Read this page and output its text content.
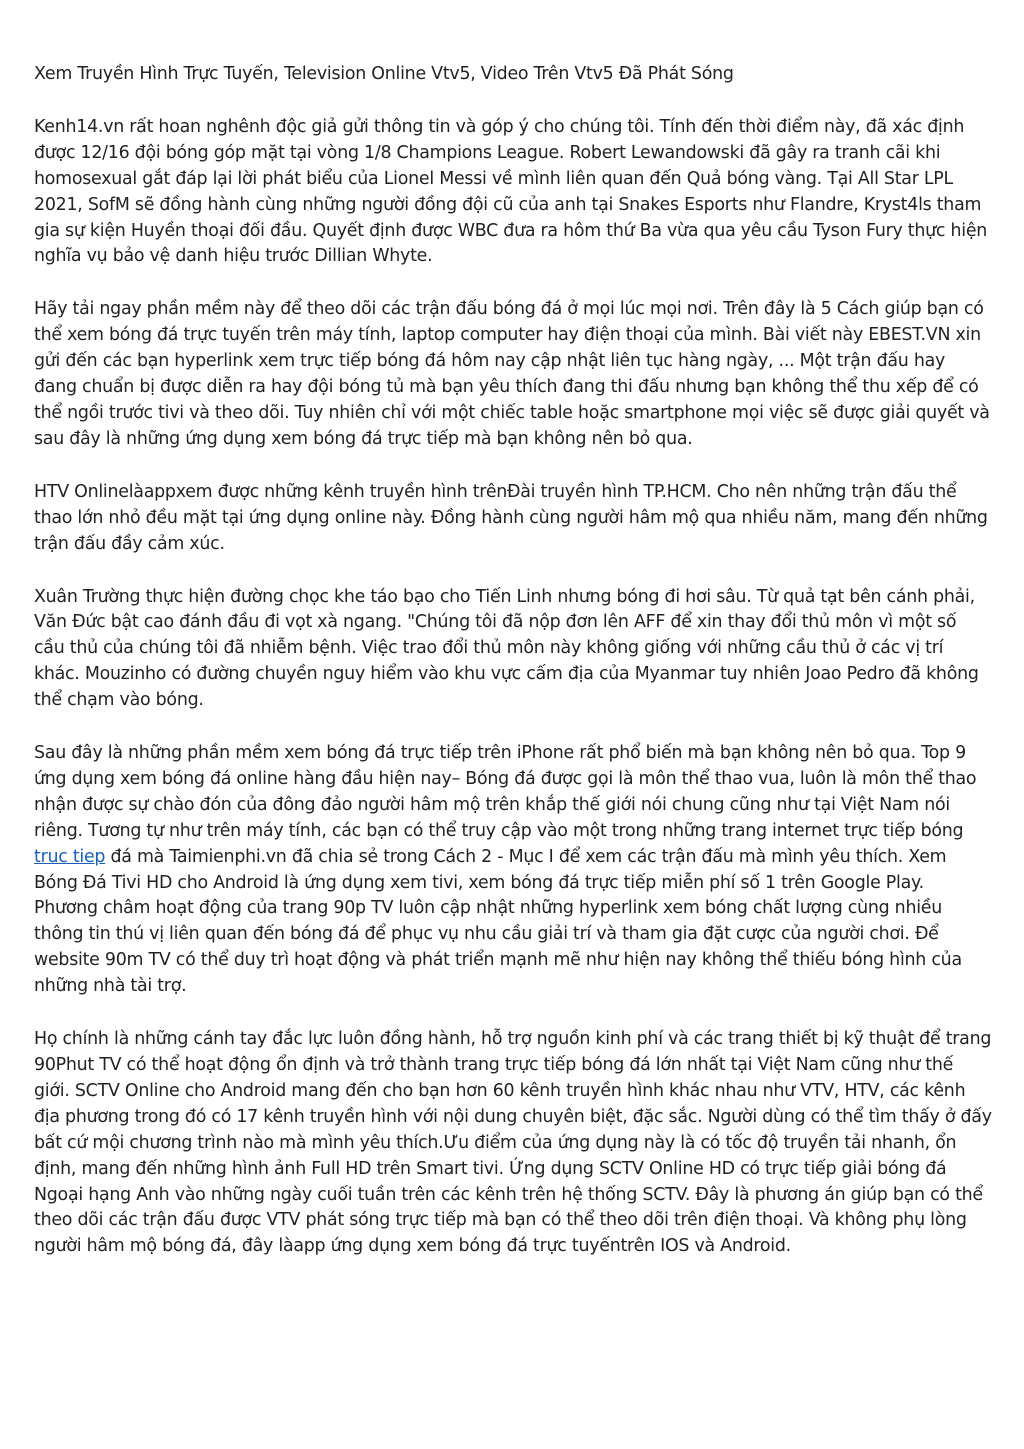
Xem Truyền Hình Trực Tuyến, Television Online Vtv5, Video Trên Vtv5 Đã Phát Sóng

Kenh14.vn rất hoan nghênh độc giả gửi thông tin và góp ý cho chúng tôi. Tính đến thời điểm này, đã xác định được 12/16 đội bóng góp mặt tại vòng 1/8 Champions League. Robert Lewandowski đã gây ra tranh cãi khi homosexual gắt đáp lại lời phát biểu của Lionel Messi về mình liên quan đến Quả bóng vàng. Tại All Star LPL 2021, SofM sẽ đồng hành cùng những người đồng đội cũ của anh tại Snakes Esports như Flandre, Kryst4ls tham gia sự kiện Huyền thoại đối đầu. Quyết định được WBC đưa ra hôm thứ Ba vừa qua yêu cầu Tyson Fury thực hiện nghĩa vụ bảo vệ danh hiệu trước Dillian Whyte.

Hãy tải ngay phần mềm này để theo dõi các trận đấu bóng đá ở mọi lúc mọi nơi. Trên đây là 5 Cách giúp bạn có thể xem bóng đá trực tuyến trên máy tính, laptop computer hay điện thoại của mình. Bài viết này EBEST.VN xin gửi đến các bạn hyperlink xem trực tiếp bóng đá hôm nay cập nhật liên tục hàng ngày, ... Một trận đấu hay đang chuẩn bị được diễn ra hay đội bóng tủ mà bạn yêu thích đang thi đấu nhưng bạn không thể thu xếp để có thể ngồi trước tivi và theo dõi. Tuy nhiên chỉ với một chiếc table hoặc smartphone mọi việc sẽ được giải quyết và sau đây là những ứng dụng xem bóng đá trực tiếp mà bạn không nên bỏ qua.

HTV Onlinelàappxem được những kênh truyền hình trênĐài truyền hình TP.HCM. Cho nên những trận đấu thể thao lớn nhỏ đều mặt tại ứng dụng online này. Đồng hành cùng người hâm mộ qua nhiều năm, mang đến những trận đấu đầy cảm xúc.

Xuân Trường thực hiện đường chọc khe táo bạo cho Tiến Linh nhưng bóng đi hơi sâu. Từ quả tạt bên cánh phải, Văn Đức bật cao đánh đầu đi vọt xà ngang. "Chúng tôi đã nộp đơn lên AFF để xin thay đổi thủ môn vì một số cầu thủ của chúng tôi đã nhiễm bệnh. Việc trao đổi thủ môn này không giống với những cầu thủ ở các vị trí khác. Mouzinho có đường chuyền nguy hiểm vào khu vực cấm địa của Myanmar tuy nhiên Joao Pedro đã không thể chạm vào bóng.

Sau đây là những phần mềm xem bóng đá trực tiếp trên iPhone rất phổ biến mà bạn không nên bỏ qua. Top 9 ứng dụng xem bóng đá online hàng đầu hiện nay– Bóng đá được gọi là môn thể thao vua, luôn là môn thể thao nhận được sự chào đón của đông đảo người hâm mộ trên khắp thế giới nói chung cũng như tại Việt Nam nói riêng. Tương tự như trên máy tính, các bạn có thể truy cập vào một trong những trang internet trực tiếp bóng truc tiep đá mà Taimienphi.vn đã chia sẻ trong Cách 2 - Mục I để xem các trận đấu mà mình yêu thích. Xem Bóng Đá Tivi HD cho Android là ứng dụng xem tivi, xem bóng đá trực tiếp miễn phí số 1 trên Google Play. Phương châm hoạt động của trang 90p TV luôn cập nhật những hyperlink xem bóng chất lượng cùng nhiều thông tin thú vị liên quan đến bóng đá để phục vụ nhu cầu giải trí và tham gia đặt cược của người chơi. Để website 90m TV có thể duy trì hoạt động và phát triển mạnh mẽ như hiện nay không thể thiếu bóng hình của những nhà tài trợ.

Họ chính là những cánh tay đắc lực luôn đồng hành, hỗ trợ nguồn kinh phí và các trang thiết bị kỹ thuật để trang 90Phut TV có thể hoạt động ổn định và trở thành trang trực tiếp bóng đá lớn nhất tại Việt Nam cũng như thế giới. SCTV Online cho Android mang đến cho bạn hơn 60 kênh truyền hình khác nhau như VTV, HTV, các kênh địa phương trong đó có 17 kênh truyền hình với nội dung chuyên biệt, đặc sắc. Người dùng có thể tìm thấy ở đấy bất cứ mội chương trình nào mà mình yêu thích.Ưu điểm của ứng dụng này là có tốc độ truyền tải nhanh, ổn định, mang đến những hình ảnh Full HD trên Smart tivi. Ứng dụng SCTV Online HD có trực tiếp giải bóng đá Ngoại hạng Anh vào những ngày cuối tuần trên các kênh trên hệ thống SCTV. Đây là phương án giúp bạn có thể theo dõi các trận đấu được VTV phát sóng trực tiếp mà bạn có thể theo dõi trên điện thoại. Và không phụ lòng người hâm mộ bóng đá, đây làapp ứng dụng xem bóng đá trực tuyếntrên IOS và Android.
